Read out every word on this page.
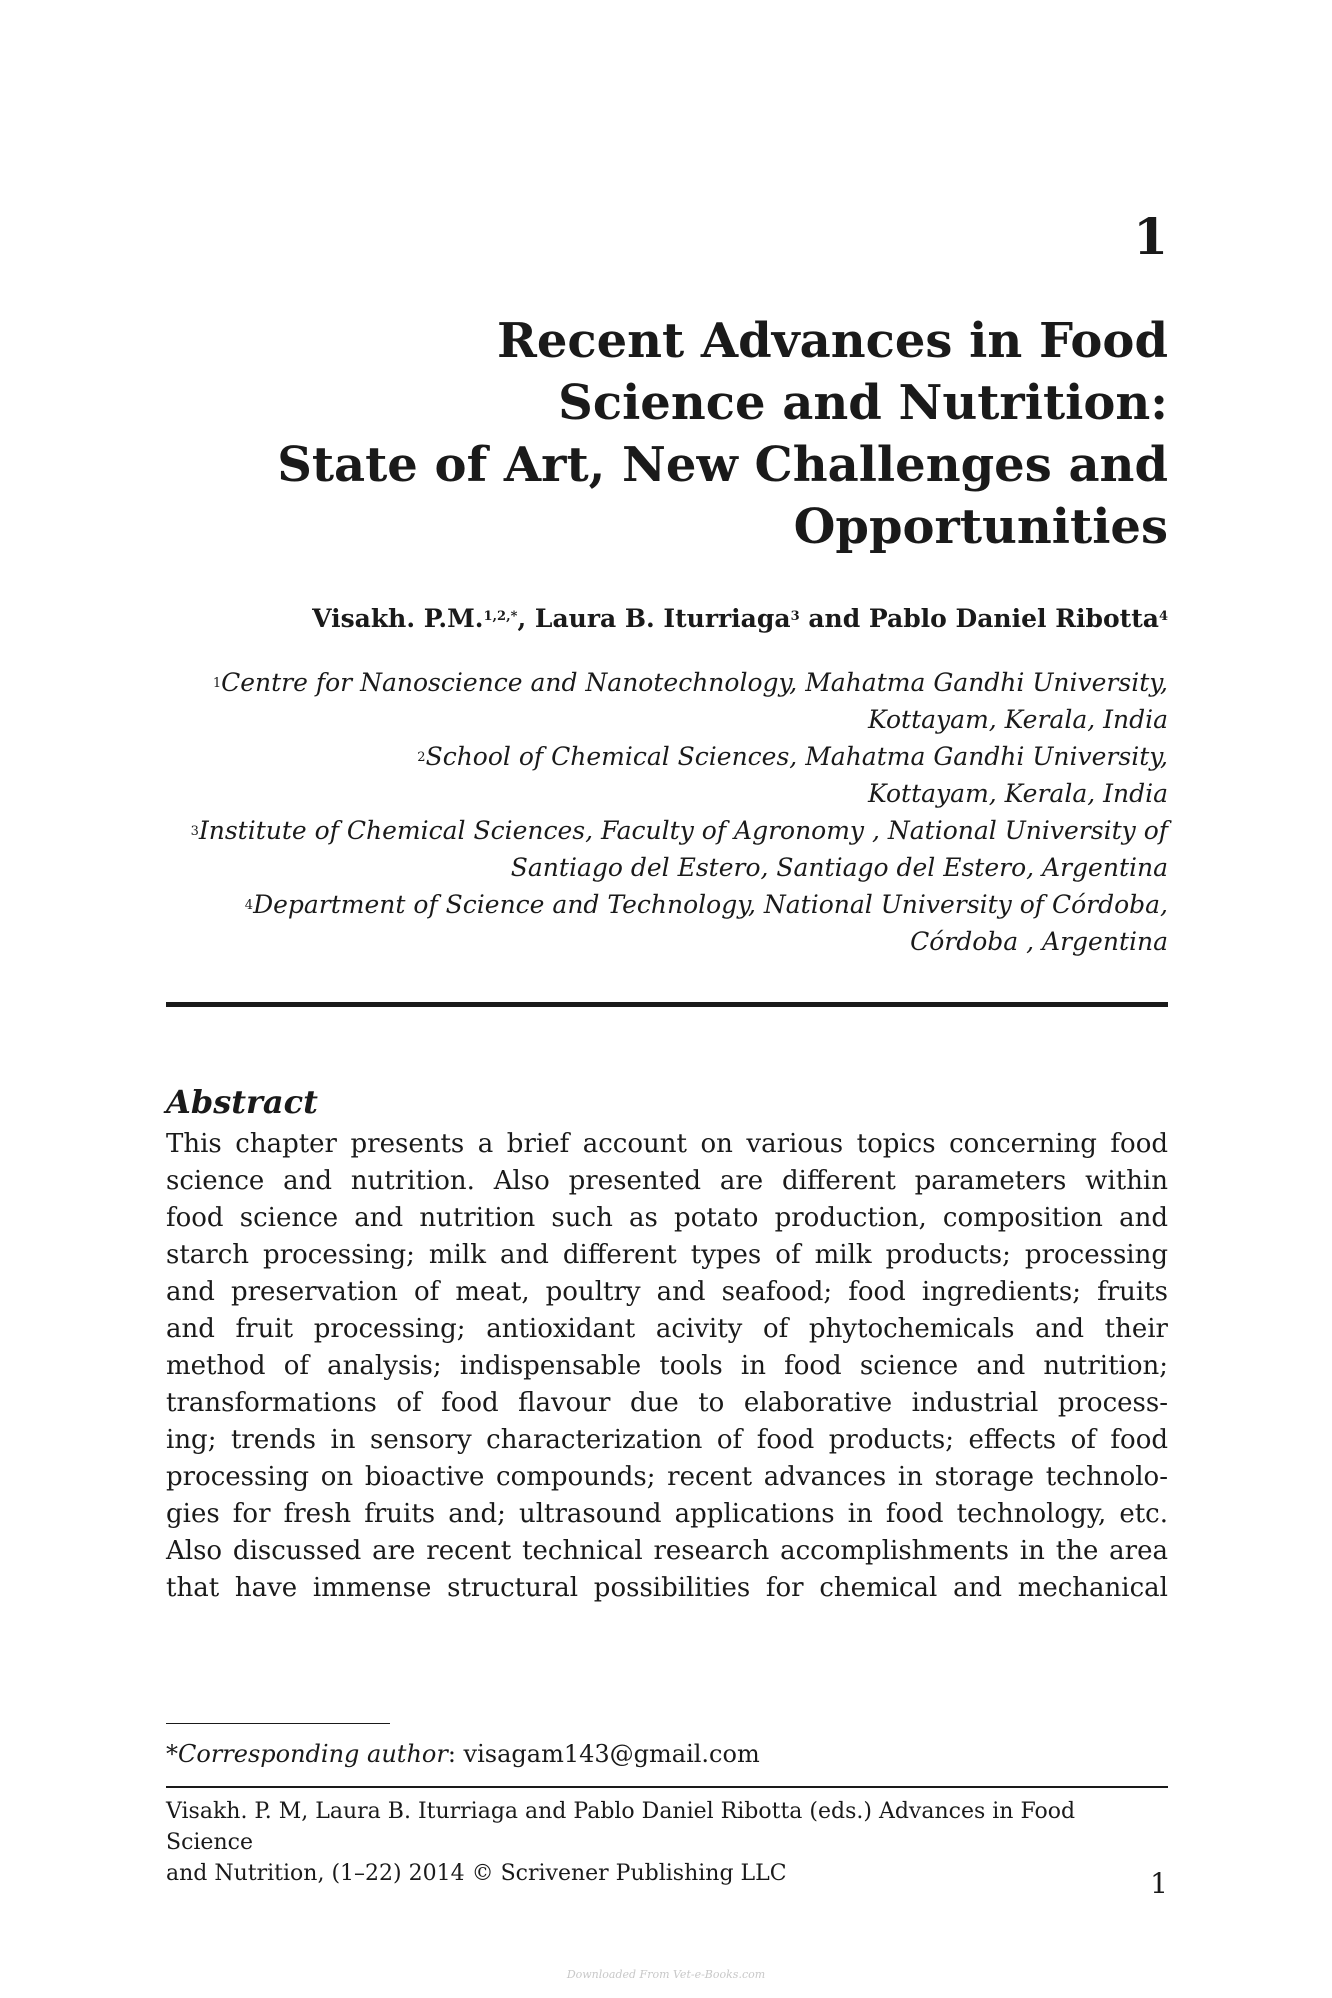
1
Recent Advances in Food
Science and Nutrition:
State of Art, New Challenges and
Opportunities
Visakh. P.M.$^{1,2,*}$, Laura B. Iturriaga$^3$ and Pablo Daniel Ribotta$^4$
$^1$Centre for Nanoscience and Nanotechnology, Mahatma Gandhi University,
Kottayam, Kerala, India
$^2$School of Chemical Sciences, Mahatma Gandhi University,
Kottayam, Kerala, India
$^3$Institute of Chemical Sciences, Faculty of Agronomy , National University of
Santiago del Estero, Santiago del Estero, Argentina
$^4$Department of Science and Technology, National University of Córdoba,
Córdoba , Argentina
Abstract
This chapter presents a brief account on various topics concerning food
science and nutrition. Also presented are different parameters within
food science and nutrition such as potato production, composition and
starch processing; milk and different types of milk products; processing
and preservation of meat, poultry and seafood; food ingredients; fruits
and fruit processing; antioxidant acivity of phytochemicals and their
method of analysis; indispensable tools in food science and nutrition;
transformations of food flavour due to elaborative industrial process-
ing; trends in sensory characterization of food products; effects of food
processing on bioactive compounds; recent advances in storage technolo-
gies for fresh fruits and; ultrasound applications in food technology, etc.
Also discussed are recent technical research accomplishments in the area
that have immense structural possibilities for chemical and mechanical
*Corresponding author: visagam143@gmail.com
Visakh. P. M, Laura B. Iturriaga and Pablo Daniel Ribotta (eds.) Advances in Food Science
and Nutrition, (1–22) 2014 © Scrivener Publishing LLC	1
Downloaded From Vet-e-Books.com
